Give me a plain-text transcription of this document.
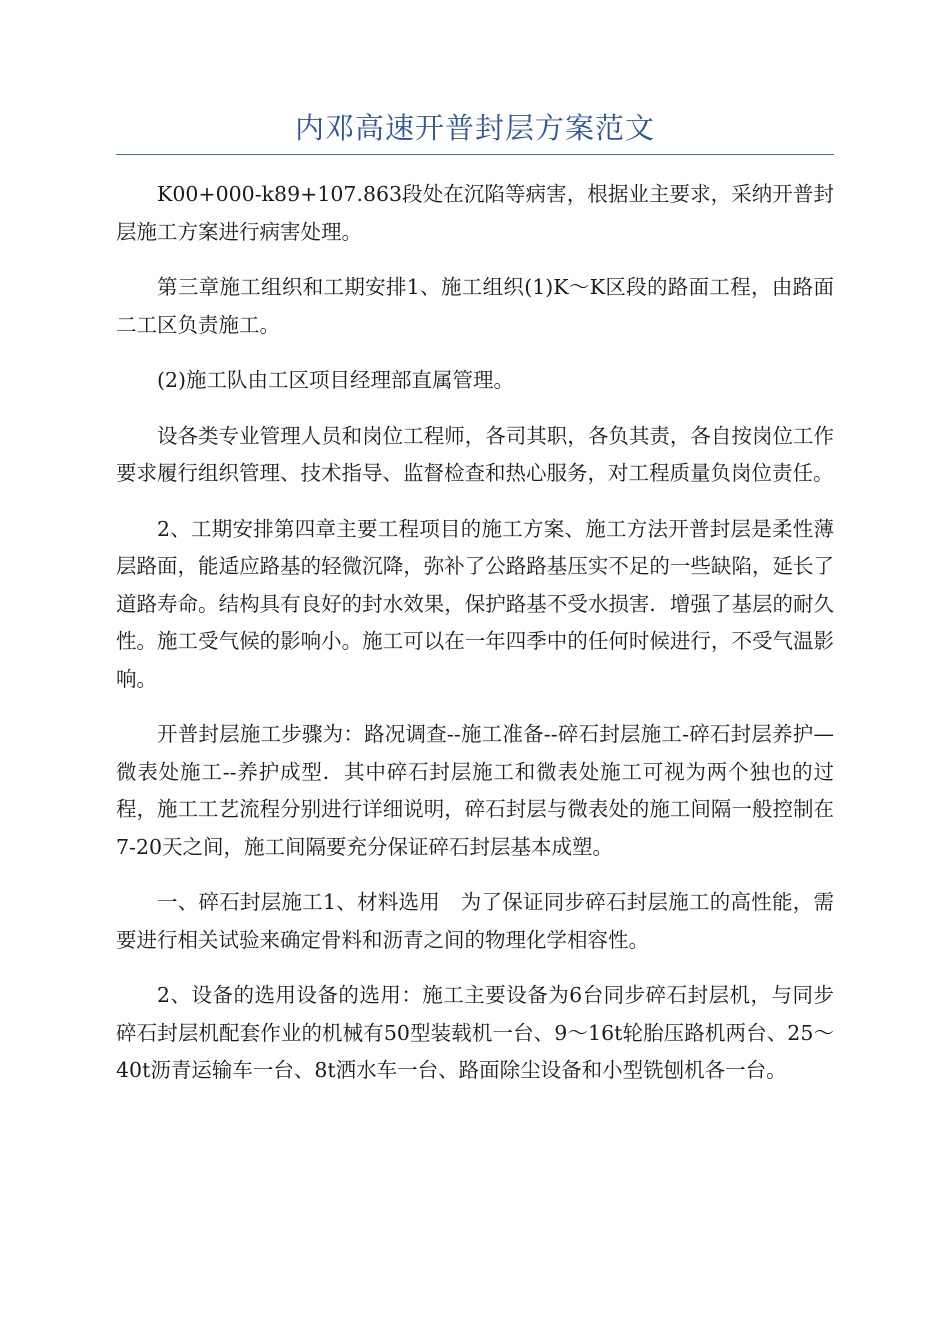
内邓高速开普封层方案范文

K00+000-k89+107.863段处在沉陷等病害，根据业主要求，采纳开普封层施工方案进行病害处理。

第三章施工组织和工期安排1、施工组织(1)K～K区段的路面工程，由路面二工区负责施工。

(2)施工队由工区项目经理部直属管理。

设各类专业管理人员和岗位工程师，各司其职，各负其责，各自按岗位工作要求履行组织管理、技术指导、监督检查和热心服务，对工程质量负岗位责任。

2、工期安排第四章主要工程项目的施工方案、施工方法开普封层是柔性薄层路面，能适应路基的轻微沉降，弥补了公路路基压实不足的一些缺陷，延长了道路寿命。结构具有良好的封水效果，保护路基不受水损害．增强了基层的耐久性。施工受气候的影响小。施工可以在一年四季中的任何时候进行，不受气温影响。

开普封层施工步骤为：路况调查--施工准备--碎石封层施工-碎石封层养护—微表处施工--养护成型．其中碎石封层施工和微表处施工可视为两个独也的过程，施工工艺流程分别进行详细说明，碎石封层与微表处的施工间隔一般控制在7-20天之间，施工间隔要充分保证碎石封层基本成塑。

一、碎石封层施工1、材料选用　为了保证同步碎石封层施工的高性能，需要进行相关试验来确定骨料和沥青之间的物理化学相容性。

2、设备的选用设备的选用：施工主要设备为6台同步碎石封层机，与同步碎石封层机配套作业的机械有50型装载机一台、9～16t轮胎压路机两台、25～40t沥青运输车一台、8t洒水车一台、路面除尘设备和小型铣刨机各一台。
